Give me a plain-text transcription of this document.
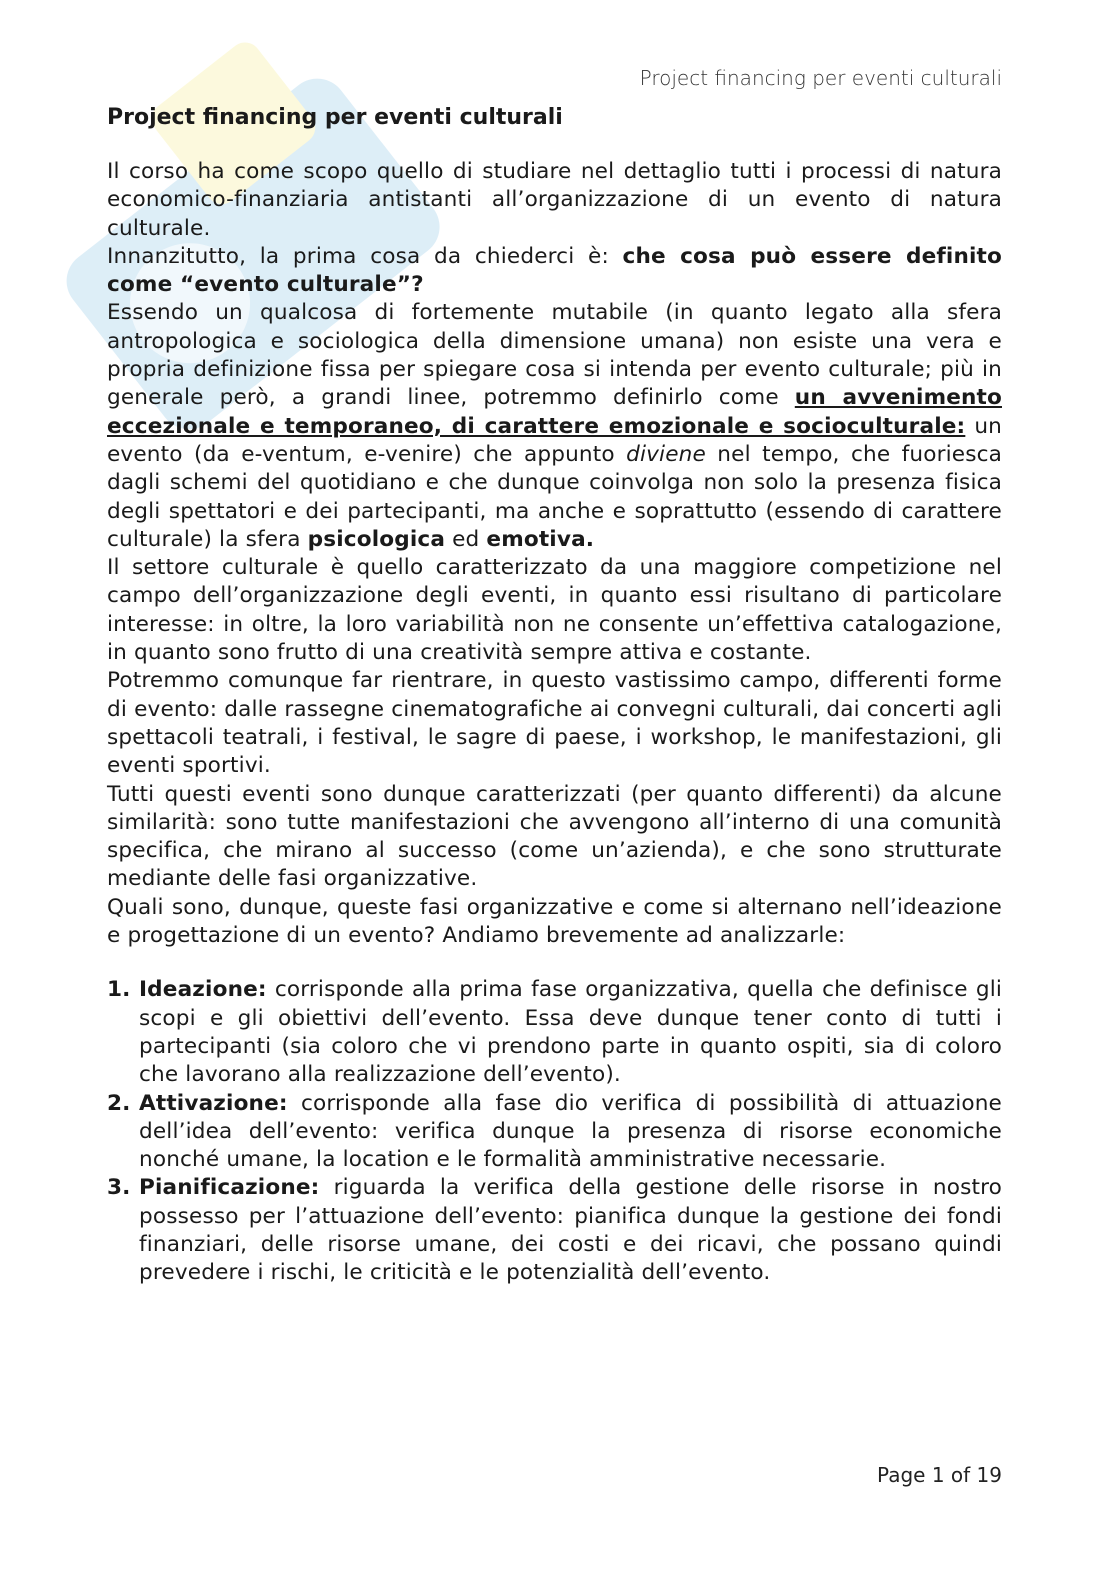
Project financing per eventi culturali
Project financing per eventi culturali

Il corso ha come scopo quello di studiare nel dettaglio tutti i processi di natura economico-finanziaria antistanti all’organizzazione di un evento di natura culturale.

Innanzitutto, la prima cosa da chiederci è: che cosa può essere definito come “evento culturale”?

Essendo un qualcosa di fortemente mutabile (in quanto legato alla sfera antropologica e sociologica della dimensione umana) non esiste una vera e propria definizione fissa per spiegare cosa si intenda per evento culturale; più in generale però, a grandi linee, potremmo definirlo come un avvenimento eccezionale e temporaneo, di carattere emozionale e socioculturale: un evento (da e-ventum, e-venire) che appunto diviene nel tempo, che fuoriesca dagli schemi del quotidiano e che dunque coinvolga non solo la presenza fisica degli spettatori e dei partecipanti, ma anche e soprattutto (essendo di carattere culturale) la sfera psicologica ed emotiva.

Il settore culturale è quello caratterizzato da una maggiore competizione nel campo dell’organizzazione degli eventi, in quanto essi risultano di particolare interesse: in oltre, la loro variabilità non ne consente un’effettiva catalogazione, in quanto sono frutto di una creatività sempre attiva e costante.

Potremmo comunque far rientrare, in questo vastissimo campo, differenti forme di evento: dalle rassegne cinematografiche ai convegni culturali, dai concerti agli spettacoli teatrali, i festival, le sagre di paese, i workshop, le manifestazioni, gli eventi sportivi.

Tutti questi eventi sono dunque caratterizzati (per quanto differenti) da alcune similarità: sono tutte manifestazioni che avvengono all’interno di una comunità specifica, che mirano al successo (come un’azienda), e che sono strutturate mediante delle fasi organizzative.

Quali sono, dunque, queste fasi organizzative e come si alternano nell’ideazione e progettazione di un evento? Andiamo brevemente ad analizzarle:

1. Ideazione: corrisponde alla prima fase organizzativa, quella che definisce gli scopi e gli obiettivi dell’evento. Essa deve dunque tener conto di tutti i partecipanti (sia coloro che vi prendono parte in quanto ospiti, sia di coloro che lavorano alla realizzazione dell’evento).
2. Attivazione: corrisponde alla fase dio verifica di possibilità di attuazione dell’idea dell’evento: verifica dunque la presenza di risorse economiche nonché umane, la location e le formalità amministrative necessarie.
3. Pianificazione: riguarda la verifica della gestione delle risorse in nostro possesso per l’attuazione dell’evento: pianifica dunque la gestione dei fondi finanziari, delle risorse umane, dei costi e dei ricavi, che possano quindi prevedere i rischi, le criticità e le potenzialità dell’evento.
Page 1 of 19
